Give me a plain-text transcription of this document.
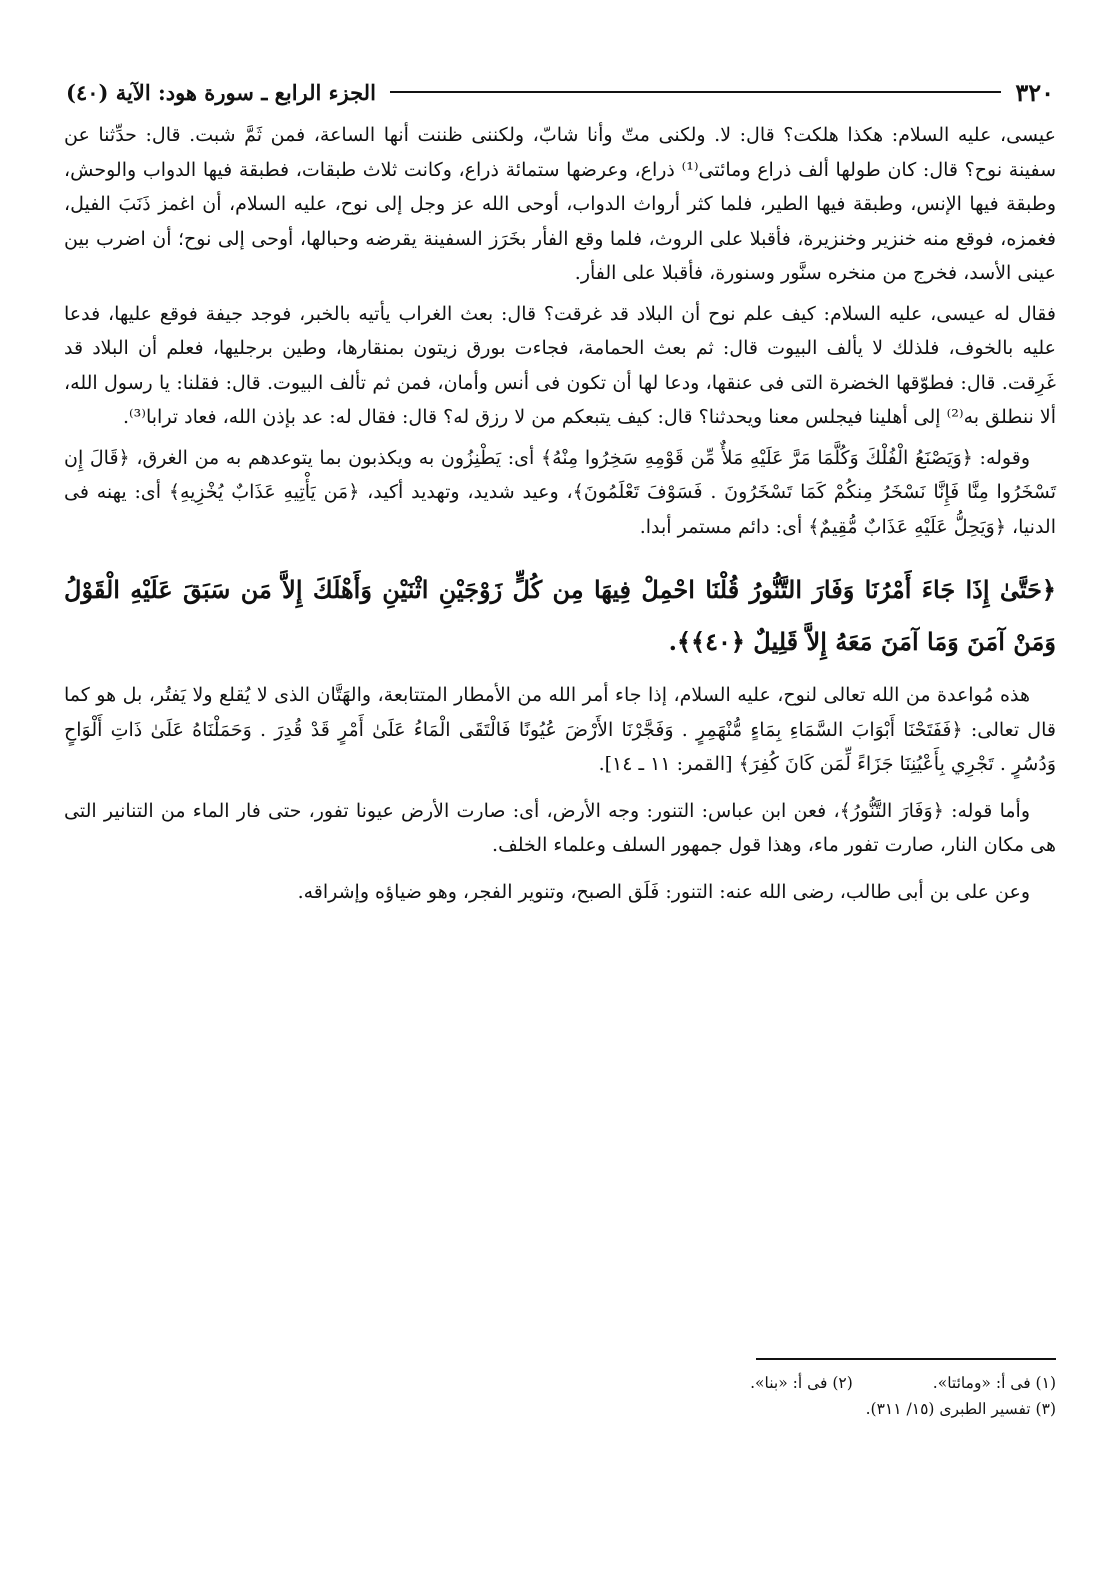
٣٢٠
الجزء الرابع ـ سورة هود: الآية (٤٠)

عيسى، عليه السلام: هكذا هلكت؟ قال: لا. ولكنى متّ وأنا شابّ، ولكننى ظننت أنها الساعة، فمن ثَمَّ شبت. قال: حدِّثنا عن سفينة نوح؟ قال: كان طولها ألف ذراع ومائتى⁽¹⁾ ذراع، وعرضها ستمائة ذراع، وكانت ثلاث طبقات، فطبقة فيها الدواب والوحش، وطبقة فيها الإنس، وطبقة فيها الطير، فلما كثر أرواث الدواب، أوحى الله عز وجل إلى نوح، عليه السلام، أن اغمز ذَنَبَ الفيل، فغمزه، فوقع منه خنزير وخنزيرة، فأقبلا على الروث، فلما وقع الفأر بخَرَز السفينة يقرضه وحبالها، أوحى إلى نوح؛ أن اضرب بين عينى الأسد، فخرج من منخره سنَّور وسنورة، فأقبلا على الفأر.

فقال له عيسى، عليه السلام: كيف علم نوح أن البلاد قد غرقت؟ قال: بعث الغراب يأتيه بالخبر، فوجد جيفة فوقع عليها، فدعا عليه بالخوف، فلذلك لا يألف البيوت قال: ثم بعث الحمامة، فجاءت بورق زيتون بمنقارها، وطين برجليها، فعلم أن البلاد قد غَرِقت. قال: فطوّقها الخضرة التى فى عنقها، ودعا لها أن تكون فى أنس وأمان، فمن ثم تألف البيوت. قال: فقلنا: يا رسول الله، ألا ننطلق به⁽²⁾ إلى أهلينا فيجلس معنا ويحدثنا؟ قال: كيف يتبعكم من لا رزق له؟ قال: فقال له: عد بإذن الله، فعاد ترابا⁽³⁾.

وقوله: ﴿وَيَصْنَعُ الْفُلْكَ وَكُلَّمَا مَرَّ عَلَيْهِ مَلأٌ مِّن قَوْمِهِ سَخِرُوا مِنْهُ﴾ أى: يَطْنِزُون به ويكذبون بما يتوعدهم به من الغرق، ﴿قَالَ إِن تَسْخَرُوا مِنَّا فَإِنَّا نَسْخَرُ مِنكُمْ كَمَا تَسْخَرُونَ . فَسَوْفَ تَعْلَمُونَ﴾، وعيد شديد، وتهديد أكيد، ﴿مَن يَأْتِيهِ عَذَابٌ يُخْزِيهِ﴾ أى: يهنه فى الدنيا، ﴿وَيَحِلُّ عَلَيْهِ عَذَابٌ مُّقِيمٌ﴾ أى: دائم مستمر أبدا.

﴿حَتَّىٰ إِذَا جَاءَ أَمْرُنَا وَفَارَ التَّنُّورُ قُلْنَا احْمِلْ فِيهَا مِن كُلٍّ زَوْجَيْنِ اثْنَيْنِ وَأَهْلَكَ إِلاَّ مَن سَبَقَ عَلَيْهِ الْقَوْلُ وَمَنْ آمَنَ وَمَا آمَنَ مَعَهُ إِلاَّ قَلِيلٌ ﴿٤٠﴾﴾.

هذه مُواعدة من الله تعالى لنوح، عليه السلام، إذا جاء أمر الله من الأمطار المتتابعة، والهَتَّان الذى لا يُقلع ولا يَفتُر، بل هو كما قال تعالى: ﴿فَفَتَحْنَا أَبْوَابَ السَّمَاءِ بِمَاءٍ مُّنْهَمِرٍ . وَفَجَّرْنَا الأَرْضَ عُيُونًا فَالْتَقَى الْمَاءُ عَلَىٰ أَمْرٍ قَدْ قُدِرَ . وَحَمَلْنَاهُ عَلَىٰ ذَاتِ أَلْوَاحٍ وَدُسُرٍ . تَجْرِي بِأَعْيُنِنَا جَزَاءً لِّمَن كَانَ كُفِرَ﴾ [القمر: ١١ ـ ١٤].

وأما قوله: ﴿وَفَارَ التَّنُّورُ﴾، فعن ابن عباس: التنور: وجه الأرض، أى: صارت الأرض عيونا تفور، حتى فار الماء من التنانير التى هى مكان النار، صارت تفور ماء، وهذا قول جمهور السلف وعلماء الخلف.

وعن على بن أبى طالب، رضى الله عنه: التنور: فَلَق الصبح، وتنوير الفجر، وهو ضياؤه وإشراقه.

(١) فى أ: «ومائتا».
(٢) فى أ: «بنا».
(٣) تفسير الطبرى (١٥/ ٣١١).
